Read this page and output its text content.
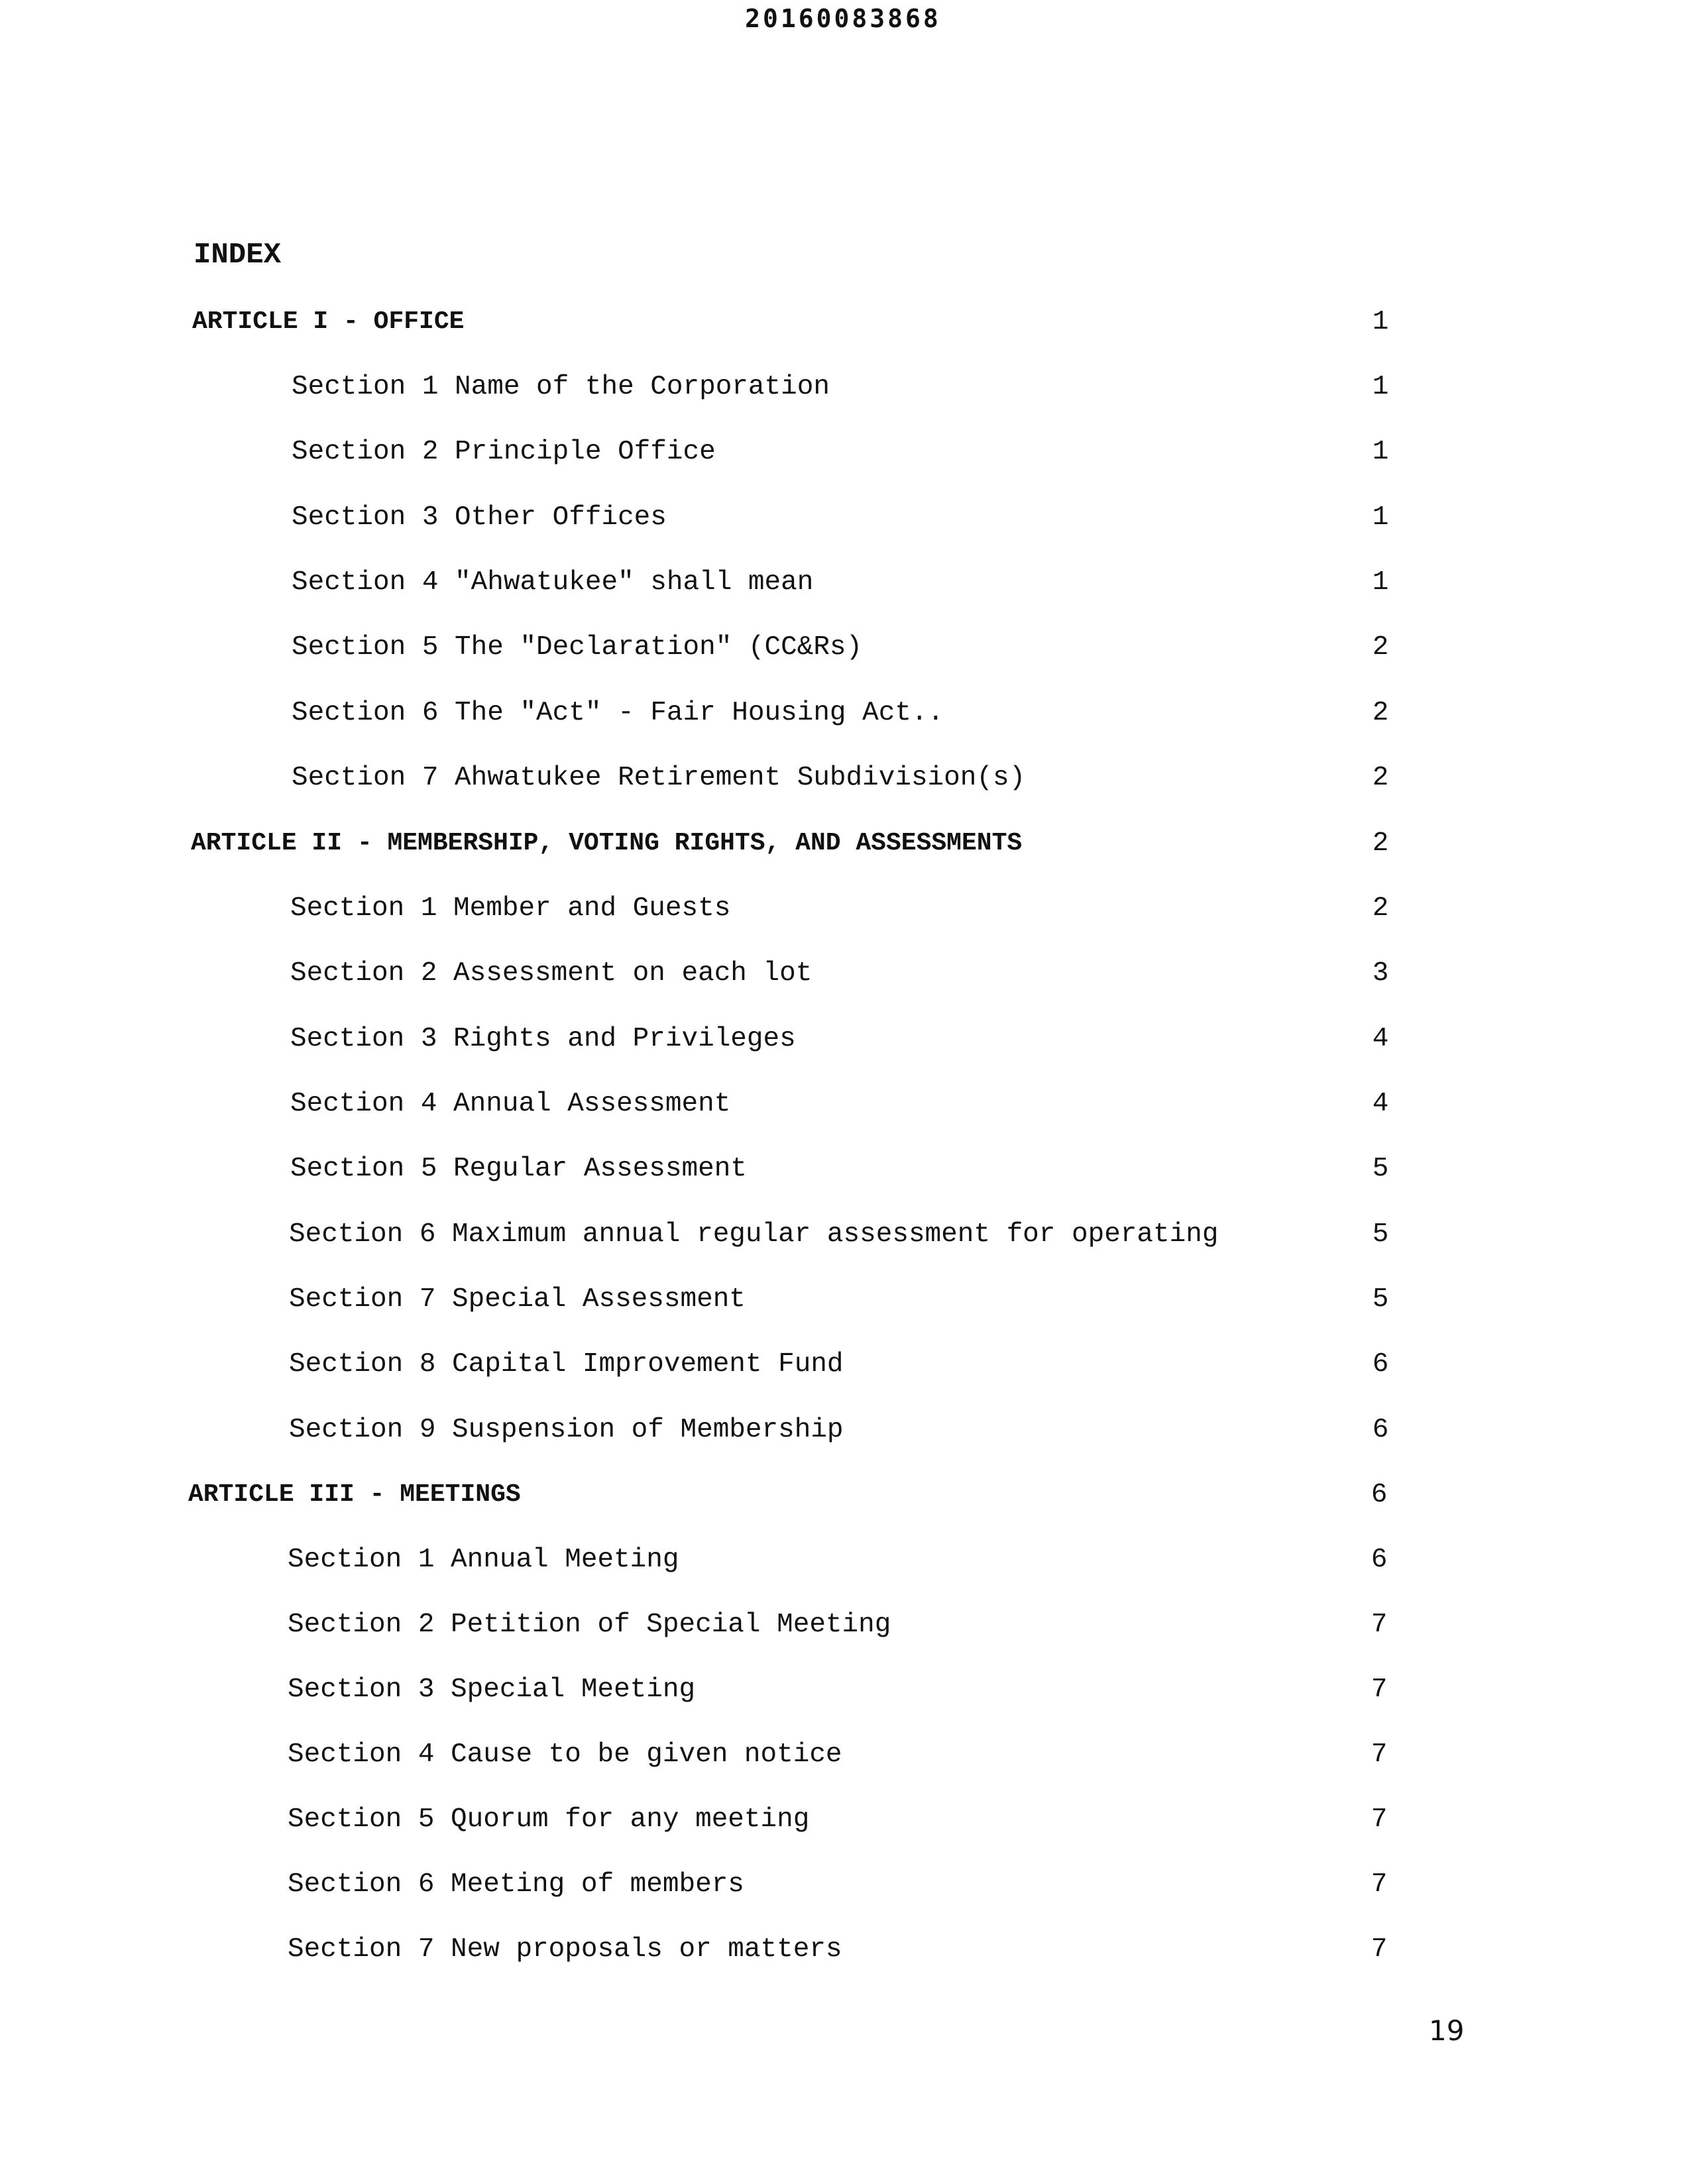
20160083868
INDEX
ARTICLE I - OFFICE	1
Section 1 Name of the Corporation	1
Section 2 Principle Office	1
Section 3 Other Offices	1
Section 4 "Ahwatukee" shall mean	1
Section 5 The "Declaration" (CC&Rs)	2
Section 6 The "Act" - Fair Housing Act..	2
Section 7 Ahwatukee Retirement Subdivision(s)	2
ARTICLE II - MEMBERSHIP, VOTING RIGHTS, AND ASSESSMENTS	2
Section 1 Member and Guests	2
Section 2 Assessment on each lot	3
Section 3 Rights and Privileges	4
Section 4 Annual Assessment	4
Section 5 Regular Assessment	5
Section 6 Maximum annual regular assessment for operating	5
Section 7 Special Assessment	5
Section 8 Capital Improvement Fund	6
Section 9 Suspension of Membership	6
ARTICLE III - MEETINGS	6
Section 1 Annual Meeting	6
Section 2 Petition of Special Meeting	7
Section 3 Special Meeting	7
Section 4 Cause to be given notice	7
Section 5 Quorum for any meeting	7
Section 6 Meeting of members	7
Section 7 New proposals or matters	7
19
